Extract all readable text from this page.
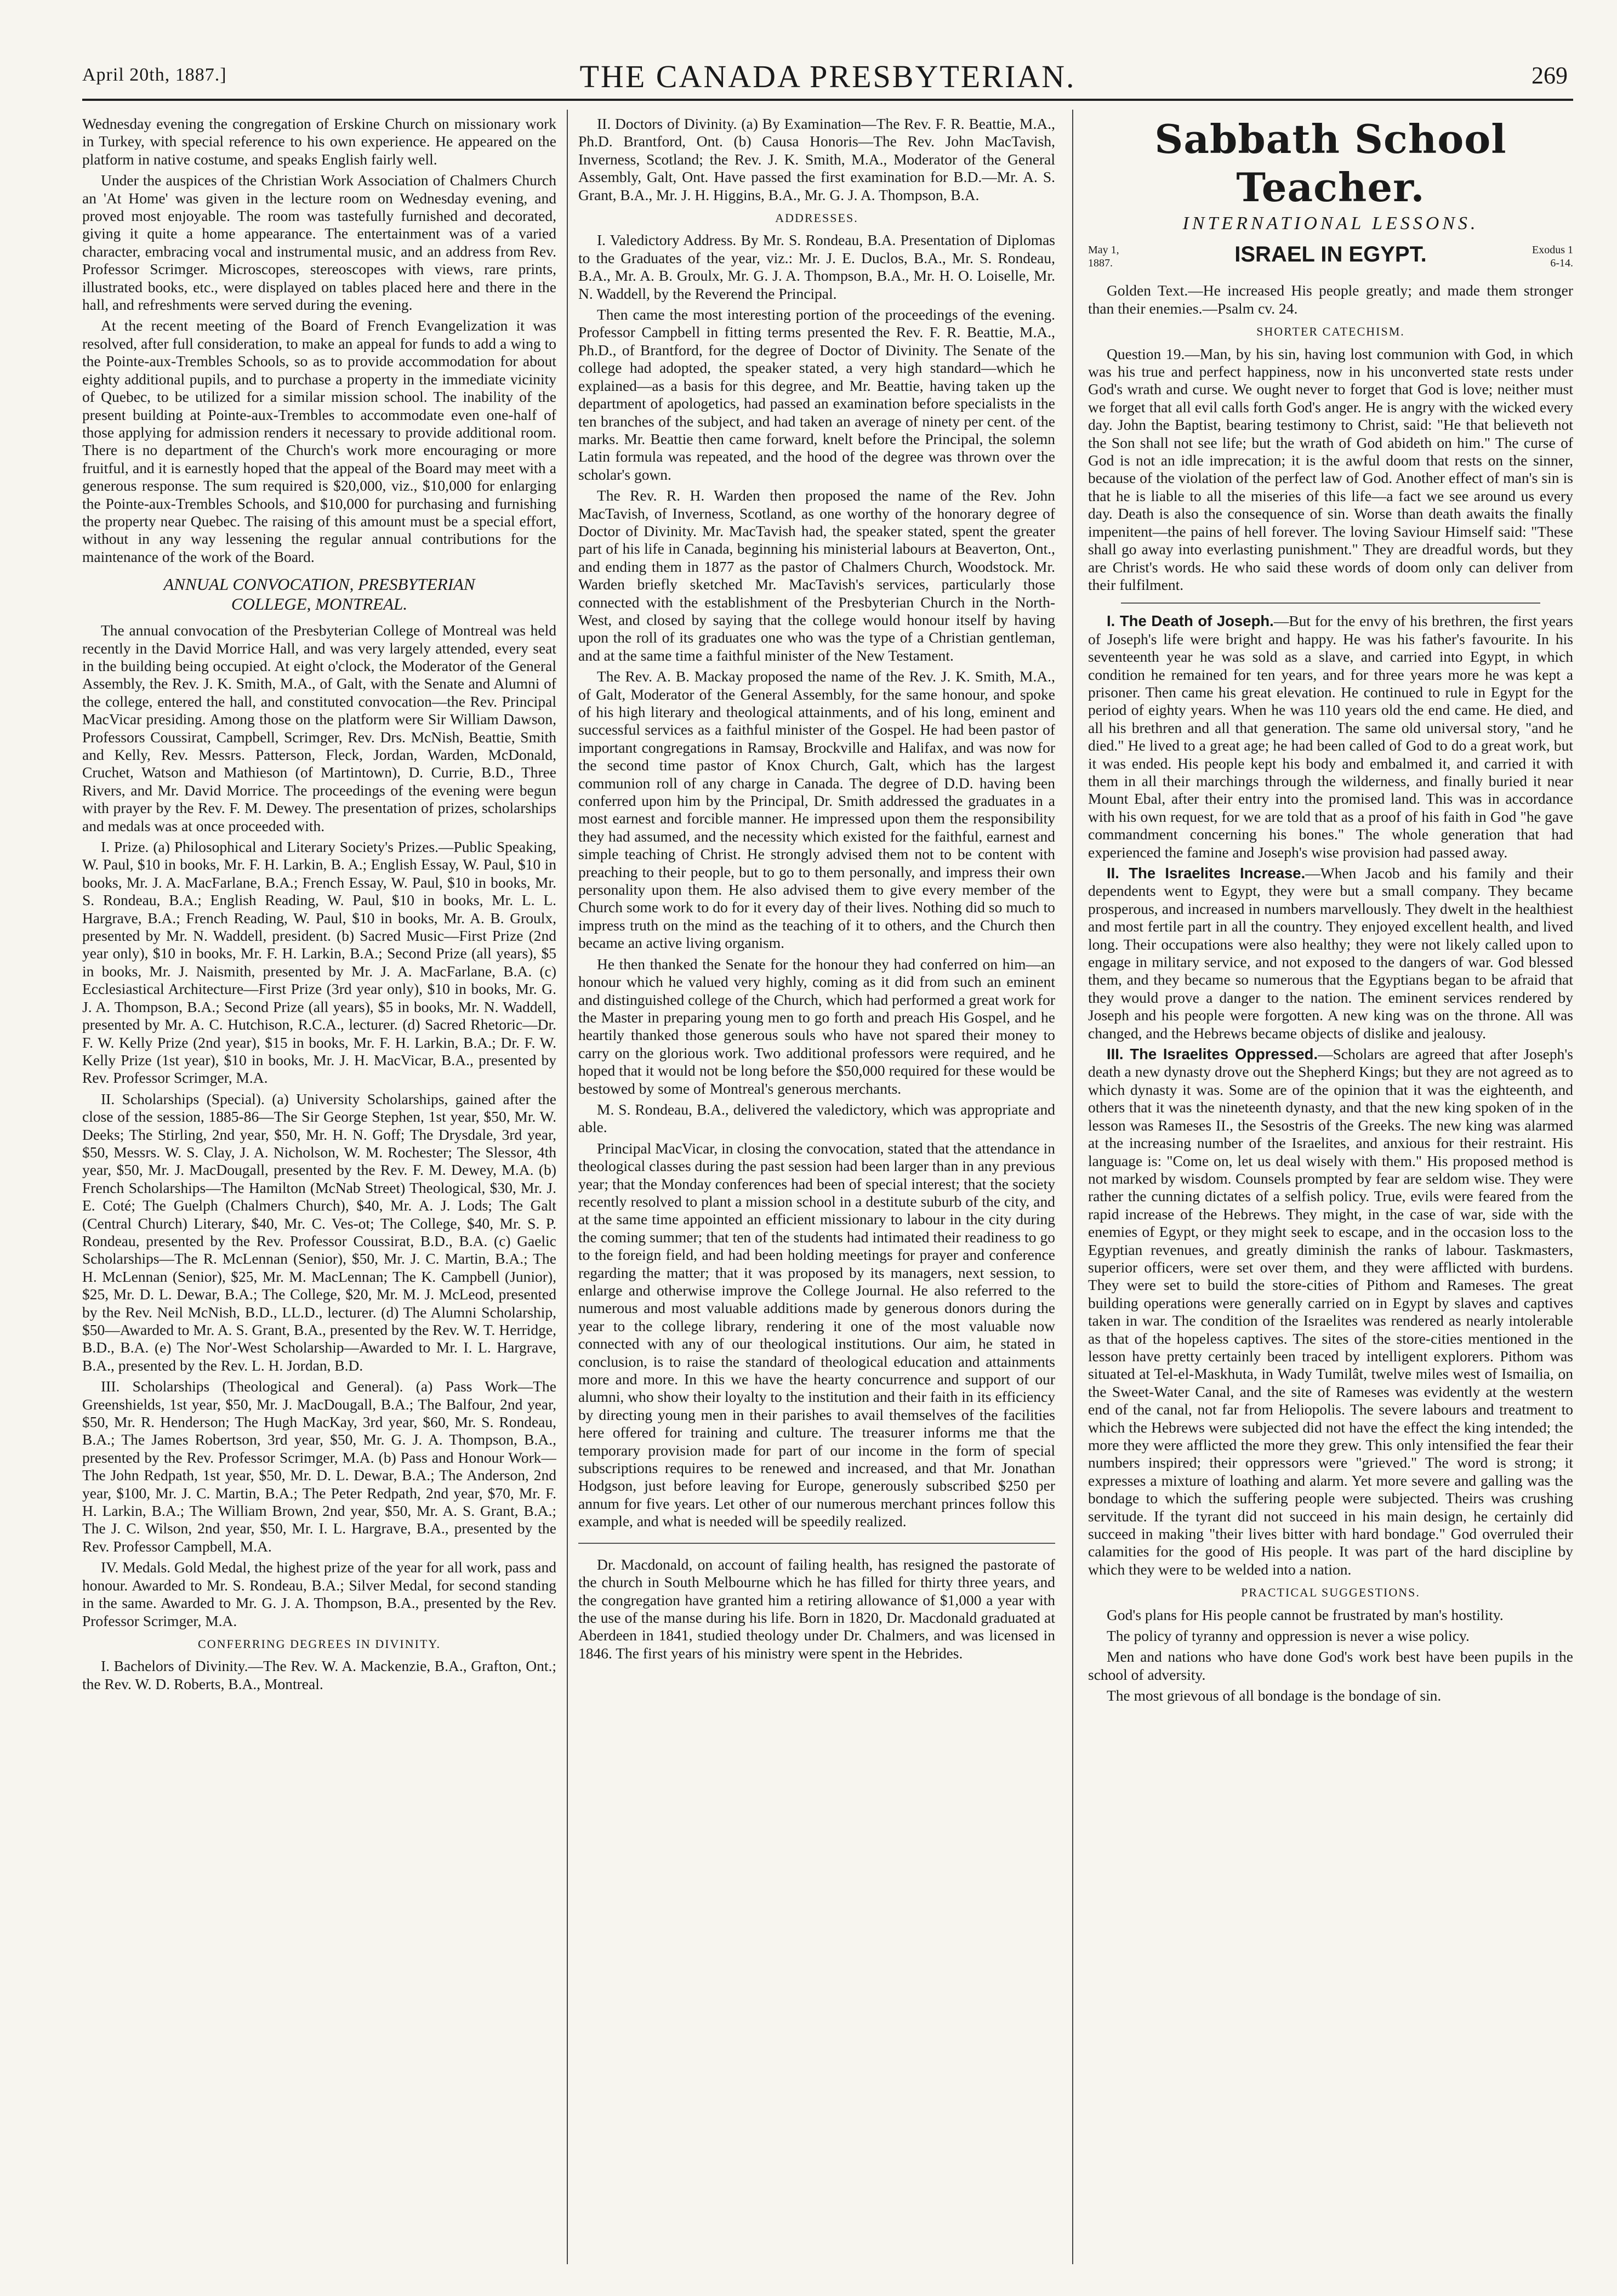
April 20th, 1887.]	THE CANADA PRESBYTERIAN.	269

Wednesday evening the congregation of Erskine Church on missionary work in Turkey, with special reference to his own experience. He appeared on the platform in native costume, and speaks English fairly well.

Under the auspices of the Christian Work Association of Chalmers Church an 'At Home' was given in the lecture room on Wednesday evening, and proved most enjoyable. The room was tastefully furnished and decorated, giving it quite a home appearance. The entertainment was of a varied character, embracing vocal and instrumental music, and an address from Rev. Professor Scrimger. Microscopes, stereoscopes with views, rare prints, illustrated books, etc., were displayed on tables placed here and there in the hall, and refreshments were served during the evening.

At the recent meeting of the Board of French Evangelization it was resolved, after full consideration, to make an appeal for funds to add a wing to the Pointe-aux-Trembles Schools, so as to provide accommodation for about eighty additional pupils, and to purchase a property in the immediate vicinity of Quebec, to be utilized for a similar mission school. The inability of the present building at Pointe-aux-Trembles to accommodate even one-half of those applying for admission renders it necessary to provide additional room. There is no department of the Church's work more encouraging or more fruitful, and it is earnestly hoped that the appeal of the Board may meet with a generous response. The sum required is $20,000, viz., $10,000 for enlarging the Pointe-aux-Trembles Schools, and $10,000 for purchasing and furnishing the property near Quebec. The raising of this amount must be a special effort, without in any way lessening the regular annual contributions for the maintenance of the work of the Board.

ANNUAL CONVOCATION, PRESBYTERIAN
COLLEGE, MONTREAL.

The annual convocation of the Presbyterian College of Montreal was held recently in the David Morrice Hall, and was very largely attended, every seat in the building being occupied. At eight o'clock, the Moderator of the General Assembly, the Rev. J. K. Smith, M.A., of Galt, with the Senate and Alumni of the college, entered the hall, and constituted convocation—the Rev. Principal MacVicar presiding. Among those on the platform were Sir William Dawson, Professors Coussirat, Campbell, Scrimger, Rev. Drs. McNish, Beattie, Smith and Kelly, Rev. Messrs. Patterson, Fleck, Jordan, Warden, McDonald, Cruchet, Watson and Mathieson (of Martintown), D. Currie, B.D., Three Rivers, and Mr. David Morrice. The proceedings of the evening were begun with prayer by the Rev. F. M. Dewey. The presentation of prizes, scholarships and medals was at once proceeded with.

I. Prize. (a) Philosophical and Literary Society's Prizes.—Public Speaking, W. Paul, $10 in books, Mr. F. H. Larkin, B. A.; English Essay, W. Paul, $10 in books, Mr. J. A. MacFarlane, B.A.; French Essay, W. Paul, $10 in books, Mr. S. Rondeau, B.A.; English Reading, W. Paul, $10 in books, Mr. L. L. Hargrave, B.A.; French Reading, W. Paul, $10 in books, Mr. A. B. Groulx, presented by Mr. N. Waddell, president. (b) Sacred Music—First Prize (2nd year only), $10 in books, Mr. F. H. Larkin, B.A.; Second Prize (all years), $5 in books, Mr. J. Naismith, presented by Mr. J. A. MacFarlane, B.A. (c) Ecclesiastical Architecture—First Prize (3rd year only), $10 in books, Mr. G. J. A. Thompson, B.A.; Second Prize (all years), $5 in books, Mr. N. Waddell, presented by Mr. A. C. Hutchison, R.C.A., lecturer. (d) Sacred Rhetoric—Dr. F. W. Kelly Prize (2nd year), $15 in books, Mr. F. H. Larkin, B.A.; Dr. F. W. Kelly Prize (1st year), $10 in books, Mr. J. H. MacVicar, B.A., presented by Rev. Professor Scrimger, M.A.

II. Scholarships (Special). (a) University Scholarships, gained after the close of the session, 1885-86—The Sir George Stephen, 1st year, $50, Mr. W. Deeks; The Stirling, 2nd year, $50, Mr. H. N. Goff; The Drysdale, 3rd year, $50, Messrs. W. S. Clay, J. A. Nicholson, W. M. Rochester; The Slessor, 4th year, $50, Mr. J. MacDougall, presented by the Rev. F. M. Dewey, M.A. (b) French Scholarships—The Hamilton (McNab Street) Theological, $30, Mr. J. E. Coté; The Guelph (Chalmers Church), $40, Mr. A. J. Lods; The Galt (Central Church) Literary, $40, Mr. C. Ves-ot; The College, $40, Mr. S. P. Rondeau, presented by the Rev. Professor Coussirat, B.D., B.A. (c) Gaelic Scholarships—The R. McLennan (Senior), $50, Mr. J. C. Martin, B.A.; The H. McLennan (Senior), $25, Mr. M. MacLennan; The K. Campbell (Junior), $25, Mr. D. L. Dewar, B.A.; The College, $20, Mr. M. J. McLeod, presented by the Rev. Neil McNish, B.D., LL.D., lecturer. (d) The Alumni Scholarship, $50—Awarded to Mr. A. S. Grant, B.A., presented by the Rev. W. T. Herridge, B.D., B.A. (e) The Nor'-West Scholarship—Awarded to Mr. I. L. Hargrave, B.A., presented by the Rev. L. H. Jordan, B.D.

III. Scholarships (Theological and General). (a) Pass Work—The Greenshields, 1st year, $50, Mr. J. MacDougall, B.A.; The Balfour, 2nd year, $50, Mr. R. Henderson; The Hugh MacKay, 3rd year, $60, Mr. S. Rondeau, B.A.; The James Robertson, 3rd year, $50, Mr. G. J. A. Thompson, B.A., presented by the Rev. Professor Scrimger, M.A. (b) Pass and Honour Work—The John Redpath, 1st year, $50, Mr. D. L. Dewar, B.A.; The Anderson, 2nd year, $100, Mr. J. C. Martin, B.A.; The Peter Redpath, 2nd year, $70, Mr. F. H. Larkin, B.A.; The William Brown, 2nd year, $50, Mr. A. S. Grant, B.A.; The J. C. Wilson, 2nd year, $50, Mr. I. L. Hargrave, B.A., presented by the Rev. Professor Campbell, M.A.

IV. Medals. Gold Medal, the highest prize of the year for all work, pass and honour. Awarded to Mr. S. Rondeau, B.A.; Silver Medal, for second standing in the same. Awarded to Mr. G. J. A. Thompson, B.A., presented by the Rev. Professor Scrimger, M.A.

CONFERRING DEGREES IN DIVINITY.

I. Bachelors of Divinity.—The Rev. W. A. Mackenzie, B.A., Grafton, Ont.; the Rev. W. D. Roberts, B.A., Montreal.

II. Doctors of Divinity. (a) By Examination—The Rev. F. R. Beattie, M.A., Ph.D. Brantford, Ont. (b) Causa Honoris—The Rev. John MacTavish, Inverness, Scotland; the Rev. J. K. Smith, M.A., Moderator of the General Assembly, Galt, Ont. Have passed the first examination for B.D.—Mr. A. S. Grant, B.A., Mr. J. H. Higgins, B.A., Mr. G. J. A. Thompson, B.A.

ADDRESSES.

I. Valedictory Address. By Mr. S. Rondeau, B.A. Presentation of Diplomas to the Graduates of the year, viz.: Mr. J. E. Duclos, B.A., Mr. S. Rondeau, B.A., Mr. A. B. Groulx, Mr. G. J. A. Thompson, B.A., Mr. H. O. Loiselle, Mr. N. Waddell, by the Reverend the Principal.

Then came the most interesting portion of the proceedings of the evening. Professor Campbell in fitting terms presented the Rev. F. R. Beattie, M.A., Ph.D., of Brantford, for the degree of Doctor of Divinity. The Senate of the college had adopted, the speaker stated, a very high standard—which he explained—as a basis for this degree, and Mr. Beattie, having taken up the department of apologetics, had passed an examination before specialists in the ten branches of the subject, and had taken an average of ninety per cent. of the marks. Mr. Beattie then came forward, knelt before the Principal, the solemn Latin formula was repeated, and the hood of the degree was thrown over the scholar's gown.

The Rev. R. H. Warden then proposed the name of the Rev. John MacTavish, of Inverness, Scotland, as one worthy of the honorary degree of Doctor of Divinity. Mr. MacTavish had, the speaker stated, spent the greater part of his life in Canada, beginning his ministerial labours at Beaverton, Ont., and ending them in 1877 as the pastor of Chalmers Church, Woodstock. Mr. Warden briefly sketched Mr. MacTavish's services, particularly those connected with the establishment of the Presbyterian Church in the North-West, and closed by saying that the college would honour itself by having upon the roll of its graduates one who was the type of a Christian gentleman, and at the same time a faithful minister of the New Testament.

The Rev. A. B. Mackay proposed the name of the Rev. J. K. Smith, M.A., of Galt, Moderator of the General Assembly, for the same honour, and spoke of his high literary and theological attainments, and of his long, eminent and successful services as a faithful minister of the Gospel. He had been pastor of important congregations in Ramsay, Brockville and Halifax, and was now for the second time pastor of Knox Church, Galt, which has the largest communion roll of any charge in Canada. The degree of D.D. having been conferred upon him by the Principal, Dr. Smith addressed the graduates in a most earnest and forcible manner. He impressed upon them the responsibility they had assumed, and the necessity which existed for the faithful, earnest and simple teaching of Christ. He strongly advised them not to be content with preaching to their people, but to go to them personally, and impress their own personality upon them. He also advised them to give every member of the Church some work to do for it every day of their lives. Nothing did so much to impress truth on the mind as the teaching of it to others, and the Church then became an active living organism.

He then thanked the Senate for the honour they had conferred on him—an honour which he valued very highly, coming as it did from such an eminent and distinguished college of the Church, which had performed a great work for the Master in preparing young men to go forth and preach His Gospel, and he heartily thanked those generous souls who have not spared their money to carry on the glorious work. Two additional professors were required, and he hoped that it would not be long before the $50,000 required for these would be bestowed by some of Montreal's generous merchants.

M. S. Rondeau, B.A., delivered the valedictory, which was appropriate and able.

Principal MacVicar, in closing the convocation, stated that the attendance in theological classes during the past session had been larger than in any previous year; that the Monday conferences had been of special interest; that the society recently resolved to plant a mission school in a destitute suburb of the city, and at the same time appointed an efficient missionary to labour in the city during the coming summer; that ten of the students had intimated their readiness to go to the foreign field, and had been holding meetings for prayer and conference regarding the matter; that it was proposed by its managers, next session, to enlarge and otherwise improve the College Journal. He also referred to the numerous and most valuable additions made by generous donors during the year to the college library, rendering it one of the most valuable now connected with any of our theological institutions. Our aim, he stated in conclusion, is to raise the standard of theological education and attainments more and more. In this we have the hearty concurrence and support of our alumni, who show their loyalty to the institution and their faith in its efficiency by directing young men in their parishes to avail themselves of the facilities here offered for training and culture. The treasurer informs me that the temporary provision made for part of our income in the form of special subscriptions requires to be renewed and increased, and that Mr. Jonathan Hodgson, just before leaving for Europe, generously subscribed $250 per annum for five years. Let other of our numerous merchant princes follow this example, and what is needed will be speedily realized.

Dr. Macdonald, on account of failing health, has resigned the pastorate of the church in South Melbourne which he has filled for thirty three years, and the congregation have granted him a retiring allowance of $1,000 a year with the use of the manse during his life. Born in 1820, Dr. Macdonald graduated at Aberdeen in 1841, studied theology under Dr. Chalmers, and was licensed in 1846. The first years of his ministry were spent in the Hebrides.

Sabbath School Teacher.
INTERNATIONAL LESSONS.
May 1,
1887.	ISRAEL IN EGYPT.	Exodus 1
6-14.

Golden Text.—He increased His people greatly; and made them stronger than their enemies.—Psalm cv. 24.

SHORTER CATECHISM.

Question 19.—Man, by his sin, having lost communion with God, in which was his true and perfect happiness, now in his unconverted state rests under God's wrath and curse. We ought never to forget that God is love; neither must we forget that all evil calls forth God's anger. He is angry with the wicked every day. John the Baptist, bearing testimony to Christ, said: "He that believeth not the Son shall not see life; but the wrath of God abideth on him." The curse of God is not an idle imprecation; it is the awful doom that rests on the sinner, because of the violation of the perfect law of God. Another effect of man's sin is that he is liable to all the miseries of this life—a fact we see around us every day. Death is also the consequence of sin. Worse than death awaits the finally impenitent—the pains of hell forever. The loving Saviour Himself said: "These shall go away into everlasting punishment." They are dreadful words, but they are Christ's words. He who said these words of doom only can deliver from their fulfilment.

I. The Death of Joseph.—But for the envy of his brethren, the first years of Joseph's life were bright and happy. He was his father's favourite. In his seventeenth year he was sold as a slave, and carried into Egypt, in which condition he remained for ten years, and for three years more he was kept a prisoner. Then came his great elevation. He continued to rule in Egypt for the period of eighty years. When he was 110 years old the end came. He died, and all his brethren and all that generation. The same old universal story, "and he died." He lived to a great age; he had been called of God to do a great work, but it was ended. His people kept his body and embalmed it, and carried it with them in all their marchings through the wilderness, and finally buried it near Mount Ebal, after their entry into the promised land. This was in accordance with his own request, for we are told that as a proof of his faith in God "he gave commandment concerning his bones." The whole generation that had experienced the famine and Joseph's wise provision had passed away.

II. The Israelites Increase.—When Jacob and his family and their dependents went to Egypt, they were but a small company. They became prosperous, and increased in numbers marvellously. They dwelt in the healthiest and most fertile part in all the country. They enjoyed excellent health, and lived long. Their occupations were also healthy; they were not likely called upon to engage in military service, and not exposed to the dangers of war. God blessed them, and they became so numerous that the Egyptians began to be afraid that they would prove a danger to the nation. The eminent services rendered by Joseph and his people were forgotten. A new king was on the throne. All was changed, and the Hebrews became objects of dislike and jealousy.

III. The Israelites Oppressed.—Scholars are agreed that after Joseph's death a new dynasty drove out the Shepherd Kings; but they are not agreed as to which dynasty it was. Some are of the opinion that it was the eighteenth, and others that it was the nineteenth dynasty, and that the new king spoken of in the lesson was Rameses II., the Sesostris of the Greeks. The new king was alarmed at the increasing number of the Israelites, and anxious for their restraint. His language is: "Come on, let us deal wisely with them." His proposed method is not marked by wisdom. Counsels prompted by fear are seldom wise. They were rather the cunning dictates of a selfish policy. True, evils were feared from the rapid increase of the Hebrews. They might, in the case of war, side with the enemies of Egypt, or they might seek to escape, and in the occasion loss to the Egyptian revenues, and greatly diminish the ranks of labour. Taskmasters, superior officers, were set over them, and they were afflicted with burdens. They were set to build the store-cities of Pithom and Rameses. The great building operations were generally carried on in Egypt by slaves and captives taken in war. The condition of the Israelites was rendered as nearly intolerable as that of the hopeless captives. The sites of the store-cities mentioned in the lesson have pretty certainly been traced by intelligent explorers. Pithom was situated at Tel-el-Maskhuta, in Wady Tumilât, twelve miles west of Ismailia, on the Sweet-Water Canal, and the site of Rameses was evidently at the western end of the canal, not far from Heliopolis. The severe labours and treatment to which the Hebrews were subjected did not have the effect the king intended; the more they were afflicted the more they grew. This only intensified the fear their numbers inspired; their oppressors were "grieved." The word is strong; it expresses a mixture of loathing and alarm. Yet more severe and galling was the bondage to which the suffering people were subjected. Theirs was crushing servitude. If the tyrant did not succeed in his main design, he certainly did succeed in making "their lives bitter with hard bondage." God overruled their calamities for the good of His people. It was part of the hard discipline by which they were to be welded into a nation.

PRACTICAL SUGGESTIONS.

God's plans for His people cannot be frustrated by man's hostility.

The policy of tyranny and oppression is never a wise policy.

Men and nations who have done God's work best have been pupils in the school of adversity.

The most grievous of all bondage is the bondage of sin.
